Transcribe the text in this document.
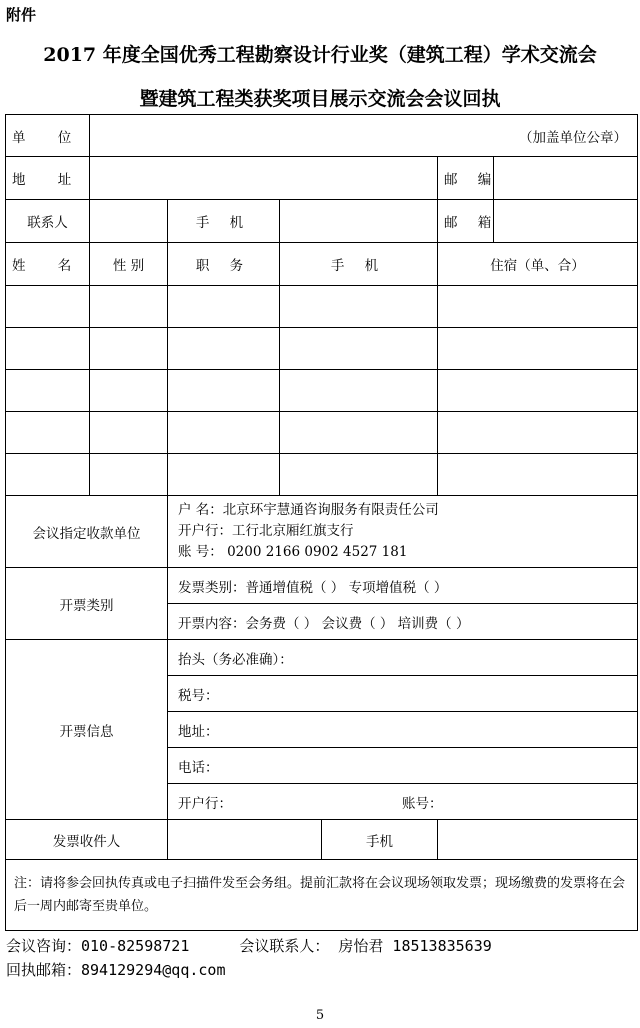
附件
2017 年度全国优秀工程勘察设计行业奖（建筑工程）学术交流会
暨建筑工程类获奖项目展示交流会会议回执
单 位	（加盖单位公章）
地 址		邮 编	
联系人		手 机		邮 箱	
姓 名	性 别	职 务	手 机	住宿（单、合）

会议指定收款单位	
户 名：北京环宇慧通咨询服务有限责任公司
开户行：工行北京厢红旗支行
账 号： 0200 2166 0902 4527 181

开票类别	
发票类别：普通增值税（ ） 专项增值税（ ）
开票内容：会务费（ ） 会议费（ ） 培训费（ ）

开票信息	
抬头（务必准确）：
税号：
地址：
电话：
开户行：	账号：

发票收件人		手机	
注：请将参会回执传真或电子扫描件发至会务组。提前汇款将在会议现场领取发票；现场缴费的发票将在会后一周内邮寄至贵单位。
会议咨询：010-82598721	会议联系人： 房怡君 18513835639
回执邮箱：894129294@qq.com
5
